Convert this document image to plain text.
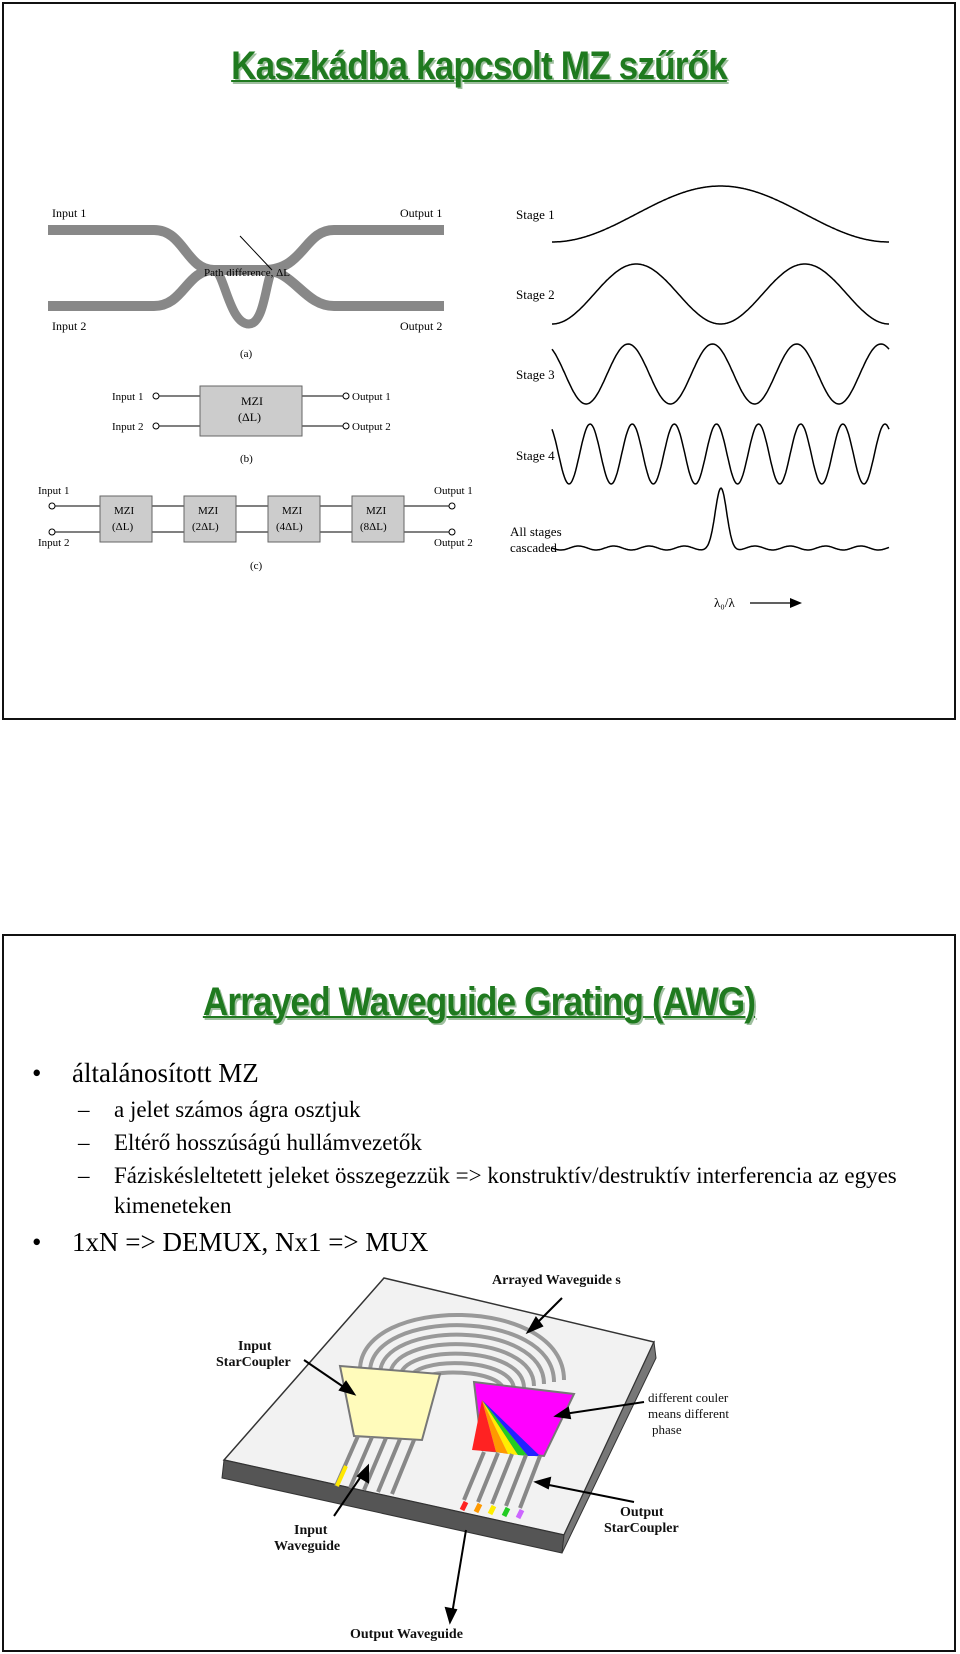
Kaszkádba kapcsolt MZ szűrők
Input 1
Input 2
Output 1
Output 2
Path difference, ΔL
(a)
MZI
(ΔL)
Input 1
Input 2
Output 1
Output 2
(b)
MZI
(ΔL)
MZI
(2ΔL)
MZI
(4ΔL)
MZI
(8ΔL)
Input 1
Input 2
Output 1
Output 2
(c)
Stage 1
Stage 2
Stage 3
Stage 4
All stages
cascaded
λ₀/λ
Arrayed Waveguide Grating (AWG)
• általánosított MZ
– a jelet számos ágra osztjuk
– Eltérő hosszúságú hullámvezetők
– Fáziskésleltetett jeleket összegezzük => konstruktív/destruktív interferencia az egyes kimeneteken
• 1xN => DEMUX, Nx1 => MUX
Arrayed Waveguide s
Input
StarCoupler
Input
Waveguide
Output
StarCoupler
Output Waveguide
different couler
means different
phase
